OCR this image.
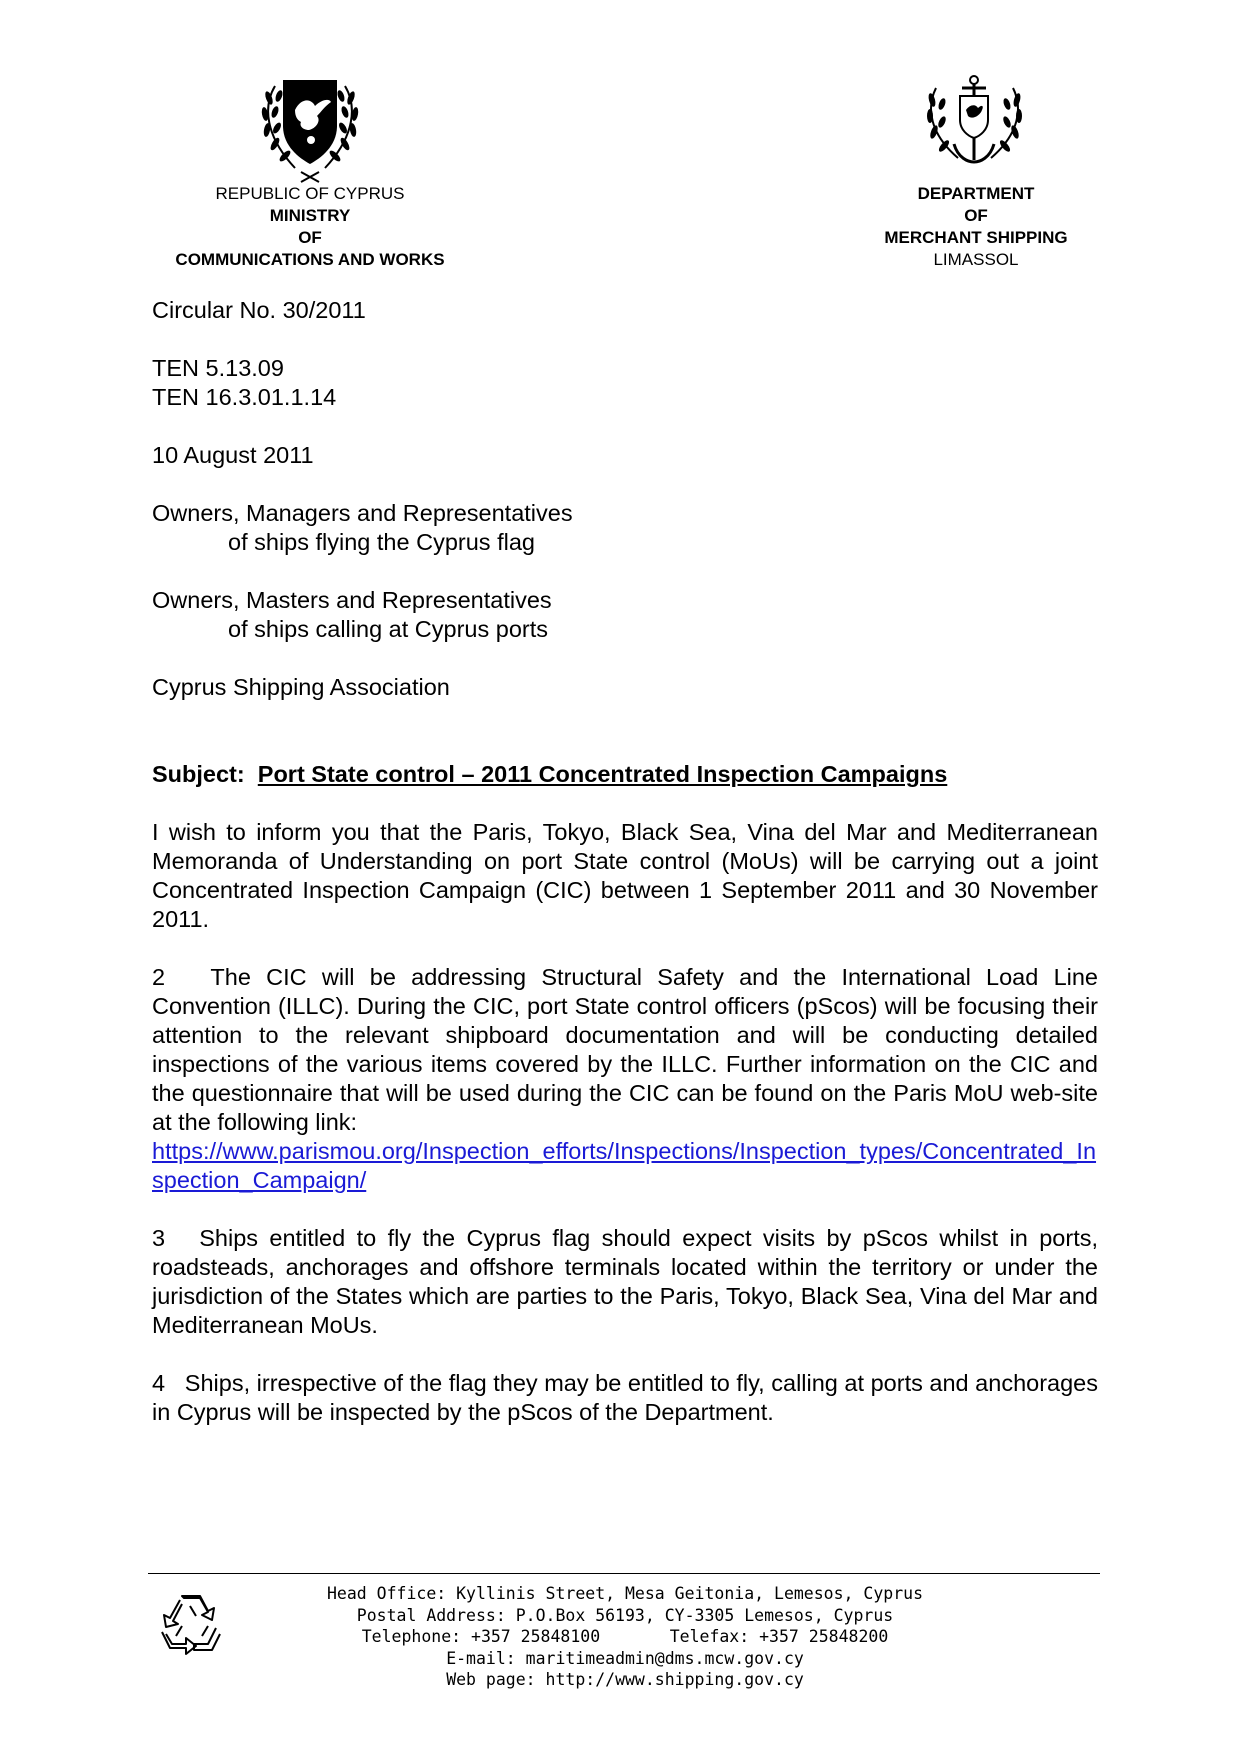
REPUBLIC OF CYPRUS
MINISTRY
OF
COMMUNICATIONS AND WORKS
DEPARTMENT
OF
MERCHANT SHIPPING
LIMASSOL
Circular No. 30/2011
TEN 5.13.09
TEN 16.3.01.1.14
10 August 2011
Owners, Managers and Representatives
of ships flying the Cyprus flag
Owners, Masters and Representatives
of ships calling at Cyprus ports
Cyprus Shipping Association
Subject: Port State control – 2011 Concentrated Inspection Campaigns
I wish to inform you that the Paris, Tokyo, Black Sea, Vina del Mar and Mediterranean Memoranda of Understanding on port State control (MoUs) will be carrying out a joint Concentrated Inspection Campaign (CIC) between 1 September 2011 and 30 November 2011.
2 The CIC will be addressing Structural Safety and the International Load Line Convention (ILLC). During the CIC, port State control officers (pScos) will be focusing their attention to the relevant shipboard documentation and will be conducting detailed inspections of the various items covered by the ILLC. Further information on the CIC and the questionnaire that will be used during the CIC can be found on the Paris MoU web-site at the following link:
https://www.parismou.org/Inspection_efforts/Inspections/Inspection_types/Concentrated_Inspection_Campaign/
3 Ships entitled to fly the Cyprus flag should expect visits by pScos whilst in ports, roadsteads, anchorages and offshore terminals located within the territory or under the jurisdiction of the States which are parties to the Paris, Tokyo, Black Sea, Vina del Mar and Mediterranean MoUs.
4 Ships, irrespective of the flag they may be entitled to fly, calling at ports and anchorages in Cyprus will be inspected by the pScos of the Department.
Head Office: Kyllinis Street, Mesa Geitonia, Lemesos, Cyprus
Postal Address: P.O.Box 56193, CY-3305 Lemesos, Cyprus
Telephone: +357 25848100	Telefax: +357 25848200
E-mail: maritimeadmin@dms.mcw.gov.cy
Web page: http://www.shipping.gov.cy
